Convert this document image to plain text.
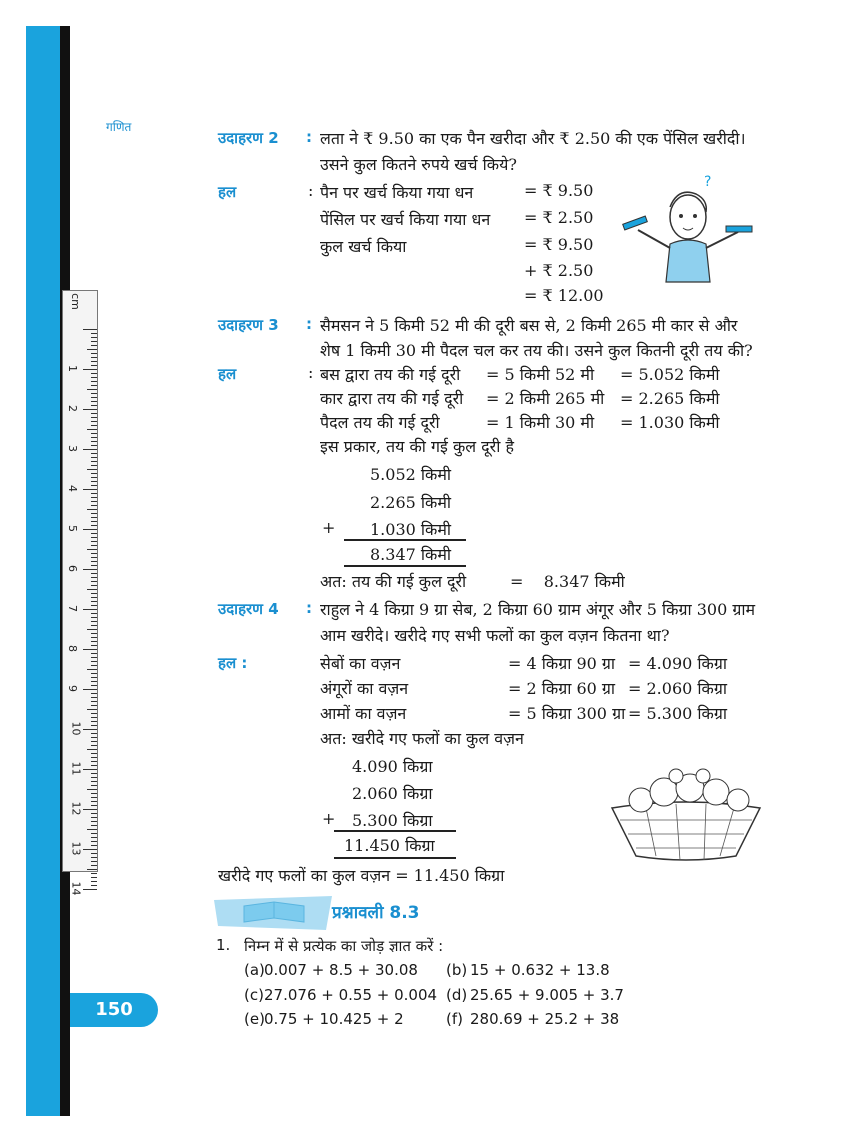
cm
1
2
3
4
5
6
7
8
9
10
11
12
13
14
गणित
उदाहरण 2 : लता ने ₹ 9.50 का एक पैन खरीदा और ₹ 2.50 की एक पेंसिल खरीदी।
उसने कुल कितने रुपये खर्च किये?
हल	: पैन पर खर्च किया गया धन	= ₹ 9.50
पेंसिल पर खर्च किया गया धन = ₹ 2.50
कुल खर्च किया	= ₹ 9.50
+ ₹ 2.50
= ₹ 12.00
?
उदाहरण 3 : सैमसन ने 5 किमी 52 मी की दूरी बस से, 2 किमी 265 मी कार से और
शेष 1 किमी 30 मी पैदल चल कर तय की। उसने कुल कितनी दूरी तय की?
हल	: बस द्वारा तय की गई दूरी = 5 किमी 52 मी = 5.052 किमी
कार द्वारा तय की गई दूरी = 2 किमी 265 मी = 2.265 किमी
पैदल तय की गई दूरी	= 1 किमी 30 मी = 1.030 किमी
इस प्रकार, तय की गई कुल दूरी है
5.052 किमी
2.265 किमी
+ 1.030 किमी
8.347 किमी
अत: तय की गई कुल दूरी	=    8.347 किमी
उदाहरण 4 : राहुल ने 4 किग्रा 9 ग्रा सेब, 2 किग्रा 60 ग्राम अंगूर और 5 किग्रा 300 ग्राम
आम खरीदे। खरीदे गए सभी फलों का कुल वज़न कितना था?
हल :	सेबों का वज़न	= 4 किग्रा 90 ग्रा = 4.090 किग्रा
अंगूरों का वज़न	= 2 किग्रा 60 ग्रा = 2.060 किग्रा
आमों का वज़न	= 5 किग्रा 300 ग्रा = 5.300 किग्रा
अत: खरीदे गए फलों का कुल वज़न
4.090 किग्रा
2.060 किग्रा
+ 5.300 किग्रा
11.450 किग्रा
खरीदे गए फलों का कुल वज़न = 11.450 किग्रा
प्रश्नावली 8.3
1. निम्न में से प्रत्येक का जोड़ ज्ञात करें :
(a) 0.007 + 8.5 + 30.08 (b) 15 + 0.632 + 13.8
(c) 27.076 + 0.55 + 0.004 (d) 25.65 + 9.005 + 3.7
(e) 0.75 + 10.425 + 2	(f) 280.69 + 25.2 + 38
150
